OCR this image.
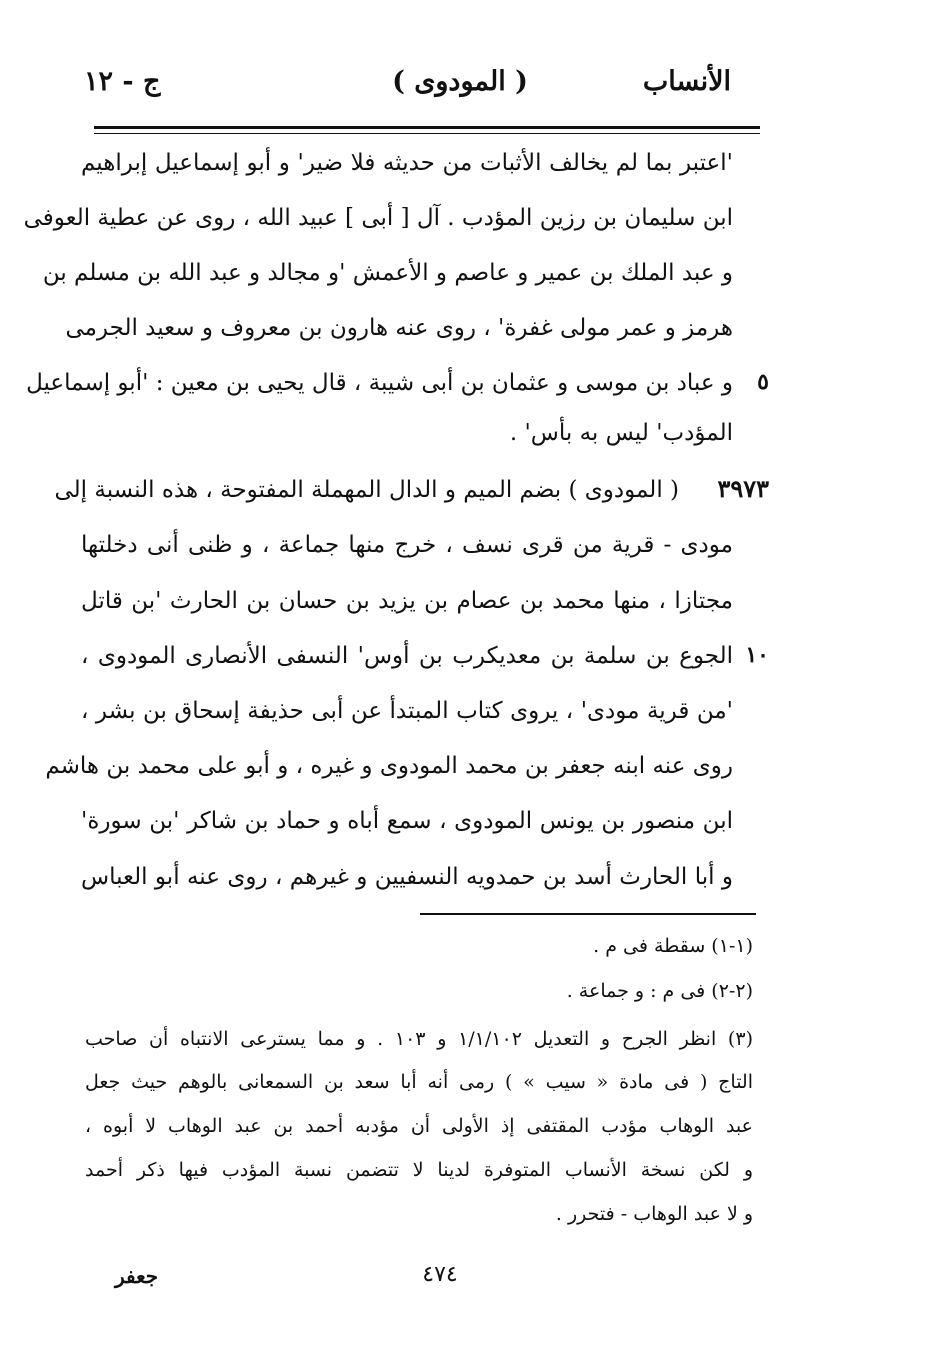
الأنساب
( المودوى )
ج - ١٢
'اعتبر بما لم يخالف الأثبات من حديثه فلا ضير' و أبو إسماعيل إبراهيم
ابن سليمان بن رزين المؤدب . آل [ أبى ] عبيد الله ، روى عن عطية العوفى
و عبد الملك بن عمير و عاصم و الأعمش 'و مجالد و عبد الله بن مسلم بن
هرمز و عمر مولى غفرة' ، روى عنه هارون بن معروف و سعيد الجرمى
٥
و عباد بن موسى و عثمان بن أبى شيبة ، قال يحيى بن معين : 'أبو إسماعيل
المؤدب' ليس به بأس' .
٣٩٧٣
( المودوى ) بضم الميم و الدال المهملة المفتوحة ، هذه النسبة إلى
مودى - قرية من قرى نسف ، خرج منها جماعة ، و ظنى أنى دخلتها
مجتازا ، منها محمد بن عصام بن يزيد بن حسان بن الحارث 'بن قاتل
١٠
الجوع بن سلمة بن معديكرب بن أوس' النسفى الأنصارى المودوى ،
'من قرية مودى' ، يروى كتاب المبتدأ عن أبى حذيفة إسحاق بن بشر ،
روى عنه ابنه جعفر بن محمد المودوى و غيره ، و أبو على محمد بن هاشم
ابن منصور بن يونس المودوى ، سمع أباه و حماد بن شاكر 'بن سورة'
و أبا الحارث أسد بن حمدويه النسفيين و غيرهم ، روى عنه أبو العباس
(١-١) سقطة فى م .
(٢-٢) فى م : و جماعة .
(٣) انظر الجرح و التعديل ١/١/١٠٢ و ١٠٣ . و مما يسترعى الانتباه أن صاحب
التاج ( فى مادة « سيب » ) رمى أنه أبا سعد بن السمعانى بالوهم حيث جعل
عبد الوهاب مؤدب المقتفى إذ الأولى أن مؤدبه أحمد بن عبد الوهاب لا أبوه ،
و لكن نسخة الأنساب المتوفرة لدينا لا تتضمن نسبة المؤدب فيها ذكر أحمد
و لا عبد الوهاب - فتحرر .
٤٧٤
جعفر
